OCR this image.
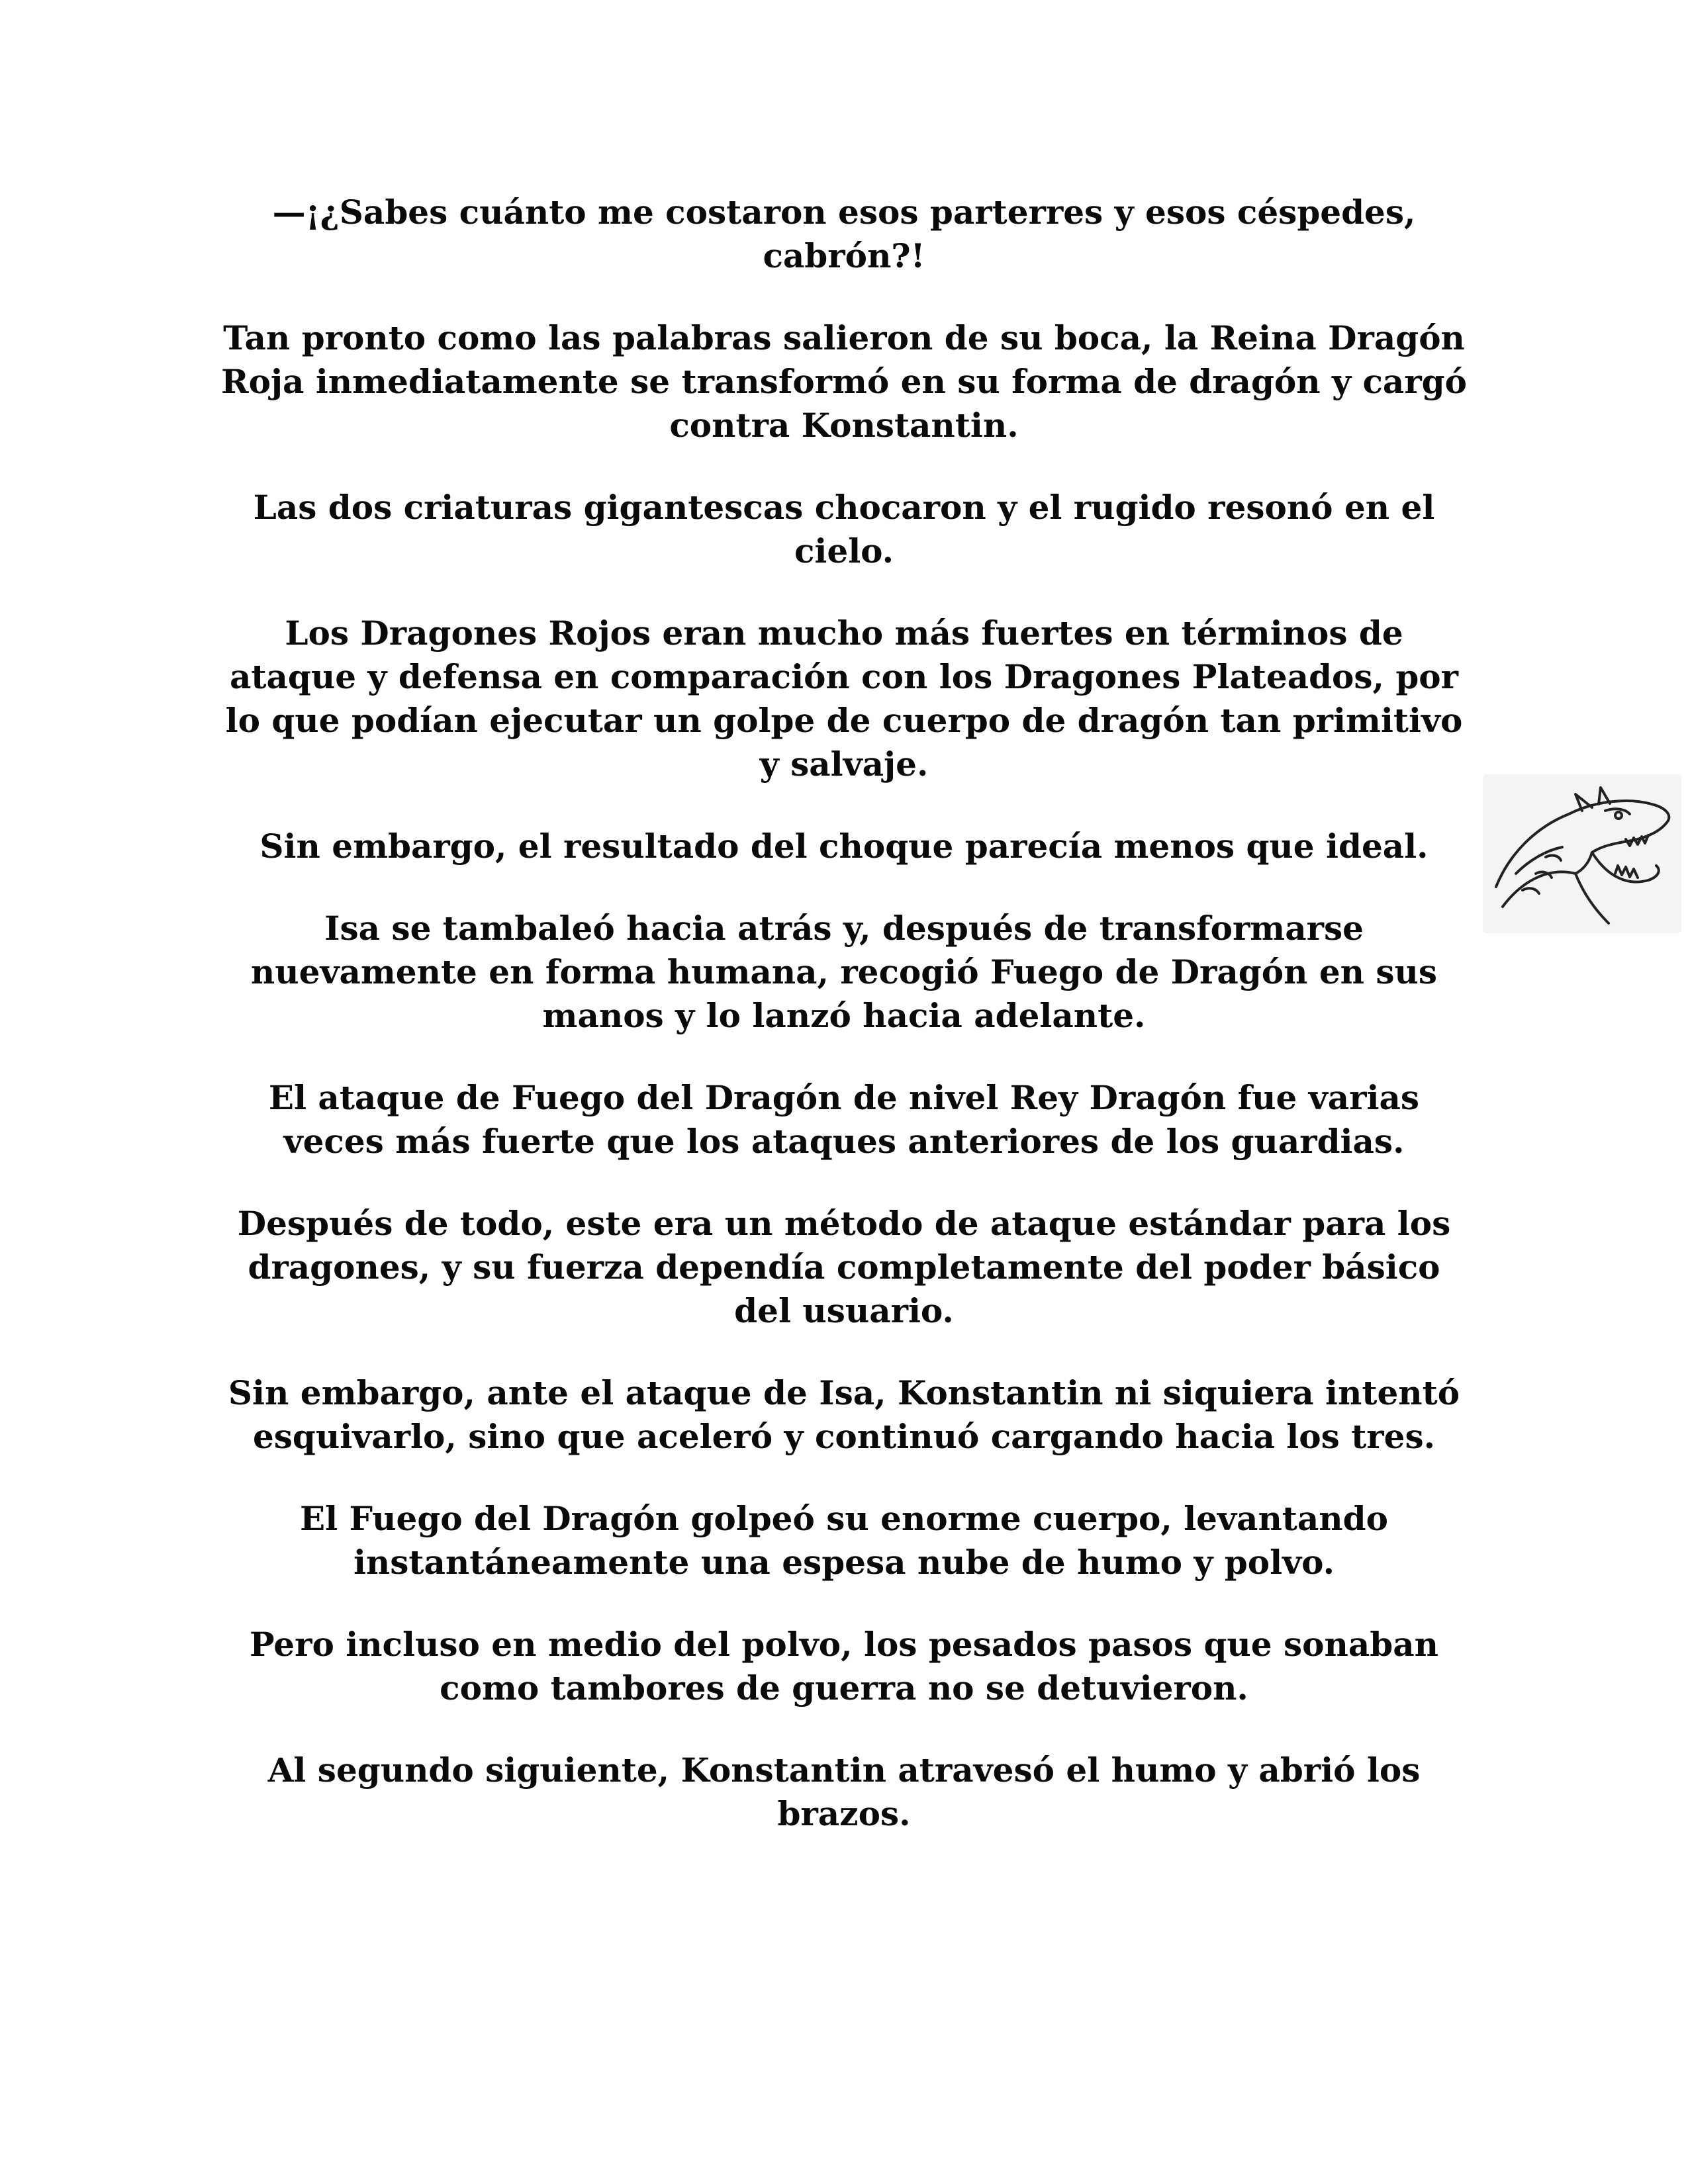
—¡¿Sabes cuánto me costaron esos parterres y esos céspedes, cabrón?!

Tan pronto como las palabras salieron de su boca, la Reina Dragón Roja inmediatamente se transformó en su forma de dragón y cargó contra Konstantin.

Las dos criaturas gigantescas chocaron y el rugido resonó en el cielo.

Los Dragones Rojos eran mucho más fuertes en términos de ataque y defensa en comparación con los Dragones Plateados, por lo que podían ejecutar un golpe de cuerpo de dragón tan primitivo y salvaje.

Sin embargo, el resultado del choque parecía menos que ideal.

Isa se tambaleó hacia atrás y, después de transformarse nuevamente en forma humana, recogió Fuego de Dragón en sus manos y lo lanzó hacia adelante.

El ataque de Fuego del Dragón de nivel Rey Dragón fue varias veces más fuerte que los ataques anteriores de los guardias.

Después de todo, este era un método de ataque estándar para los dragones, y su fuerza dependía completamente del poder básico del usuario.

Sin embargo, ante el ataque de Isa, Konstantin ni siquiera intentó esquivarlo, sino que aceleró y continuó cargando hacia los tres.

El Fuego del Dragón golpeó su enorme cuerpo, levantando instantáneamente una espesa nube de humo y polvo.

Pero incluso en medio del polvo, los pesados pasos que sonaban como tambores de guerra no se detuvieron.

Al segundo siguiente, Konstantin atravesó el humo y abrió los brazos.
